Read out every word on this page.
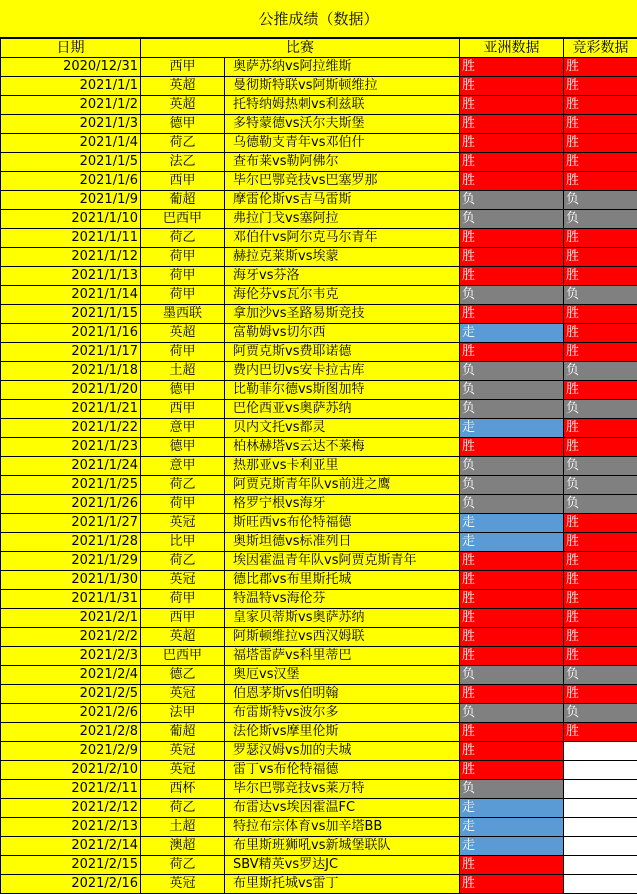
公推成绩（数据）
日期	比赛		亚洲数据	竞彩数据
2020/12/31	西甲	奥萨苏纳vs阿拉维斯	胜	胜
2021/1/1	英超	曼彻斯特联vs阿斯顿维拉	胜	胜
2021/1/2	英超	托特纳姆热刺vs利兹联	胜	胜
2021/1/3	德甲	多特蒙德vs沃尔夫斯堡	胜	胜
2021/1/4	荷乙	乌德勒支青年vs邓伯什	胜	胜
2021/1/5	法乙	查布莱vs勒阿佛尔	胜	胜
2021/1/6	西甲	毕尔巴鄂竞技vs巴塞罗那	胜	胜
2021/1/9	葡超	摩雷伦斯vs吉马雷斯	负	负
2021/1/10	巴西甲	弗拉门戈vs塞阿拉	负	负
2021/1/11	荷乙	邓伯什vs阿尔克马尔青年	胜	胜
2021/1/12	荷甲	赫拉克莱斯vs埃蒙	胜	胜
2021/1/13	荷甲	海牙vs芬洛	胜	胜
2021/1/14	荷甲	海伦芬vs瓦尔韦克	负	负
2021/1/15	墨西联	拿加沙vs圣路易斯竞技	胜	胜
2021/1/16	英超	富勒姆vs切尔西	走	胜
2021/1/17	荷甲	阿贾克斯vs费耶诺德	胜	胜
2021/1/18	土超	费内巴切vs安卡拉古库	负	负
2021/1/20	德甲	比勒菲尔德vs斯图加特	负	胜
2021/1/21	西甲	巴伦西亚vs奥萨苏纳	负	负
2021/1/22	意甲	贝内文托vs都灵	走	胜
2021/1/23	德甲	柏林赫塔vs云达不莱梅	胜	胜
2021/1/24	意甲	热那亚vs卡利亚里	负	负
2021/1/25	荷乙	阿贾克斯青年队vs前进之鹰	负	负
2021/1/26	荷甲	格罗宁根vs海牙	负	负
2021/1/27	英冠	斯旺西vs布伦特福德	走	胜
2021/1/28	比甲	奥斯坦德vs标准列日	走	胜
2021/1/29	荷乙	埃因霍温青年队vs阿贾克斯青年	胜	胜
2021/1/30	英冠	德比郡vs布里斯托城	胜	胜
2021/1/31	荷甲	特温特vs海伦芬	胜	胜
2021/2/1	西甲	皇家贝蒂斯vs奥萨苏纳	胜	胜
2021/2/2	英超	阿斯顿维拉vs西汉姆联	胜	胜
2021/2/3	巴西甲	福塔雷萨vs科里蒂巴	胜	胜
2021/2/4	德乙	奥厄vs汉堡	负	负
2021/2/5	英冠	伯恩茅斯vs伯明翰	胜	胜
2021/2/6	法甲	布雷斯特vs波尔多	负	负
2021/2/8	葡超	法伦斯vs摩里伦斯	胜	胜
2021/2/9	英冠	罗瑟汉姆vs加的夫城	胜	
2021/2/10	英冠	雷丁vs布伦特福德	胜	
2021/2/11	西杯	毕尔巴鄂竞技vs莱万特	负	
2021/2/12	荷乙	布雷达vs埃因霍温FC	走	
2021/2/13	土超	特拉布宗体育vs加辛塔BB	走	
2021/2/14	澳超	布里斯班狮吼vs新城堡联队	走	
2021/2/15	荷乙	SBV精英vs罗达JC	胜	
2021/2/16	英冠	布里斯托城vs雷丁	胜	
